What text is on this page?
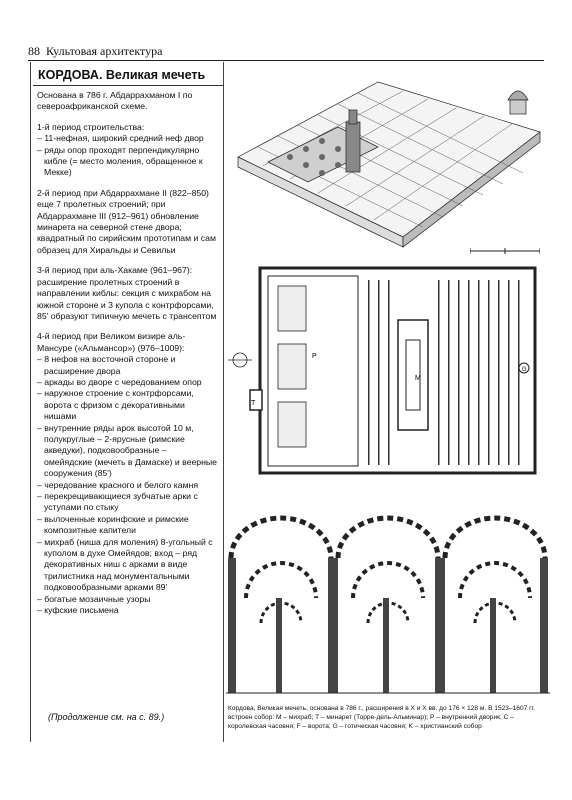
88 Культовая архитектура
КОРДОВА. Великая мечеть

Основана в 786 г. Абдаррахманом I по североафриканской схеме.

1-й период строительства:
– 11-нефная, широкий средний неф двор
– ряды опор проходят перпендикулярно кибле (= место моления, обращенное к Мекке)

2-й период при Абдаррахмане II (822–850) еще 7 пролетных строений; при Абдаррахмане III (912–961) обновление минарета на северной стене двора; квадратный по сирийским прототипам и сам образец для Хиральды и Севильи

3-й период при аль-Хакаме (961–967): расширение пролетных строений в направлении киблы: секция с михрабом на южной стороне и 3 купола с контрфорсами, 85' образуют типичную мечеть с трансептом

4-й период при Великом визире аль-Мансуре («Альмансор») (976–1009):
– 8 нефов на восточной стороне и расширение двора
– аркады во дворе с чередованием опор
– наружное строение с контрфорсами, ворота с фризом с декоративными нишами
– внутренние ряды арок высотой 10 м, полукруглые – 2-ярусные (римские акведуки), подковообразные – омейядские (мечеть в Дамаске) и веерные сооружения (85')
– чередование красного и белого камня
– перекрещивающиеся зубчатые арки с уступами по стыку
– вылоченные коринфские и римские композитные капители
– михраб (ниша для моления) 8-угольный с куполом в духе Омейядов; вход – ряд декоративных ниш с арками в виде трилистника над монументальными подковообразными арками 89'
– богатые мозаичные узоры
– куфские письмена
(Продолжение см. на с. 89.)
P
T
M
G
Кордова, Великая мечеть, основана в 786 г., расширения в X и X вв. до 176 × 128 м. В 1523–1607 гг. встроен собор: M – михраб; T – минарет (Торре-дель-Альминар); P – внутренний дворик; C – королевская часовня; F – ворота; G – готическая часовня; K – христианский собор
